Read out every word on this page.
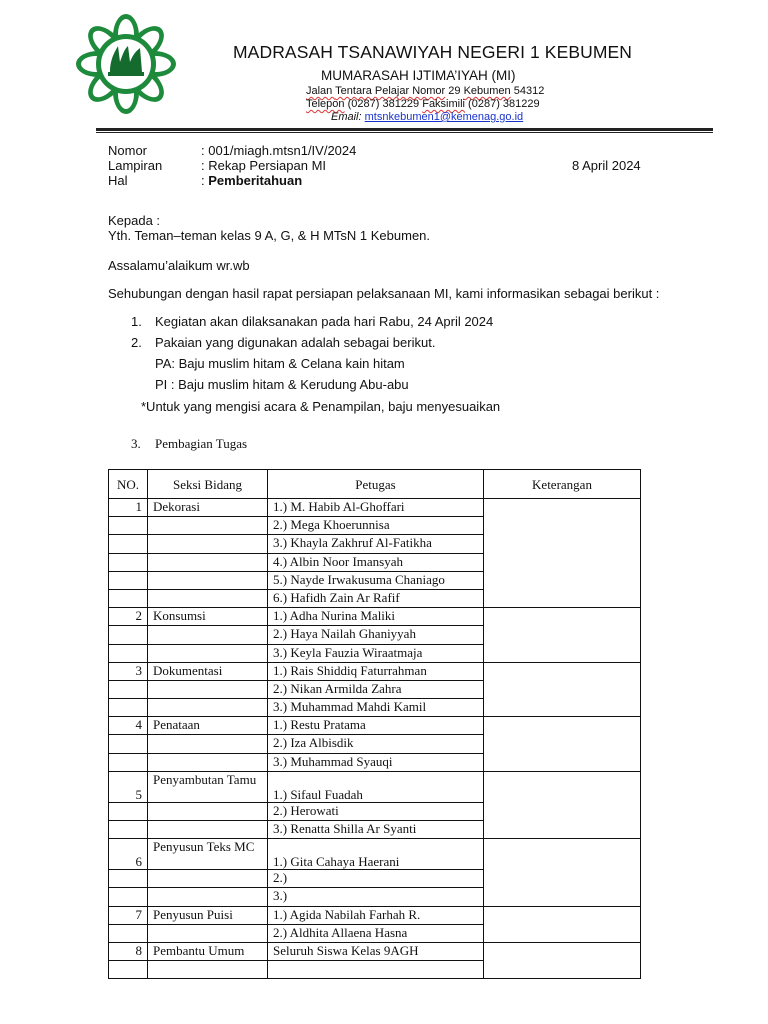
MADRASAH TSANAWIYAH NEGERI 1 KEBUMEN
MUMARASAH IJTIMA’IYAH (MI)
Jalan Tentara Pelajar Nomor 29 Kebumen 54312
Telepon (0287) 381229 Faksimili (0287) 381229
Email: mtsnkebumen1@kemenag.go.id
Nomor	: 001/miagh.mtsn1/IV/2024
Lampiran	: Rekap Persiapan MI
Hal	: Pemberitahuan
8 April 2024
Kepada :
Yth. Teman–teman kelas 9 A, G, & H MTsN 1 Kebumen.
Assalamu’alaikum wr.wb
Sehubungan dengan hasil rapat persiapan pelaksanaan MI, kami informasikan sebagai berikut :
1. Kegiatan akan dilaksanakan pada hari Rabu, 24 April 2024
2. Pakaian yang digunakan adalah sebagai berikut.
PA: Baju muslim hitam & Celana kain hitam
PI : Baju muslim hitam & Kerudung Abu-abu
*Untuk yang mengisi acara & Penampilan, baju menyesuaikan
3. Pembagian Tugas
NO.	Seksi Bidang	Petugas	Keterangan
1	Dekorasi	1.) M. Habib Al-Ghoffari	
		2.) Mega Khoerunnisa	
		3.) Khayla Zakhruf Al-Fatikha	
		4.) Albin Noor Imansyah	
		5.) Nayde Irwakusuma Chaniago	
		6.) Hafidh Zain Ar Rafif	
2	Konsumsi	1.) Adha Nurina Maliki	
		2.) Haya Nailah Ghaniyyah	
		3.) Keyla Fauzia Wiraatmaja	
3	Dokumentasi	1.) Rais Shiddiq Faturrahman	
		2.) Nikan Armilda Zahra	
		3.) Muhammad Mahdi Kamil	
4	Penataan	1.) Restu Pratama	
		2.) Iza Albisdik	
		3.) Muhammad Syauqi	
5	Penyambutan Tamu	1.) Sifaul Fuadah	
		2.) Herowati	
		3.) Renatta Shilla Ar Syanti	
6	Penyusun Teks MC	1.) Gita Cahaya Haerani	
		2.)	
		3.)	
7	Penyusun Puisi	1.) Agida Nabilah Farhah R.	
		2.) Aldhita Allaena Hasna	
8	Pembantu Umum	Seluruh Siswa Kelas 9AGH	
